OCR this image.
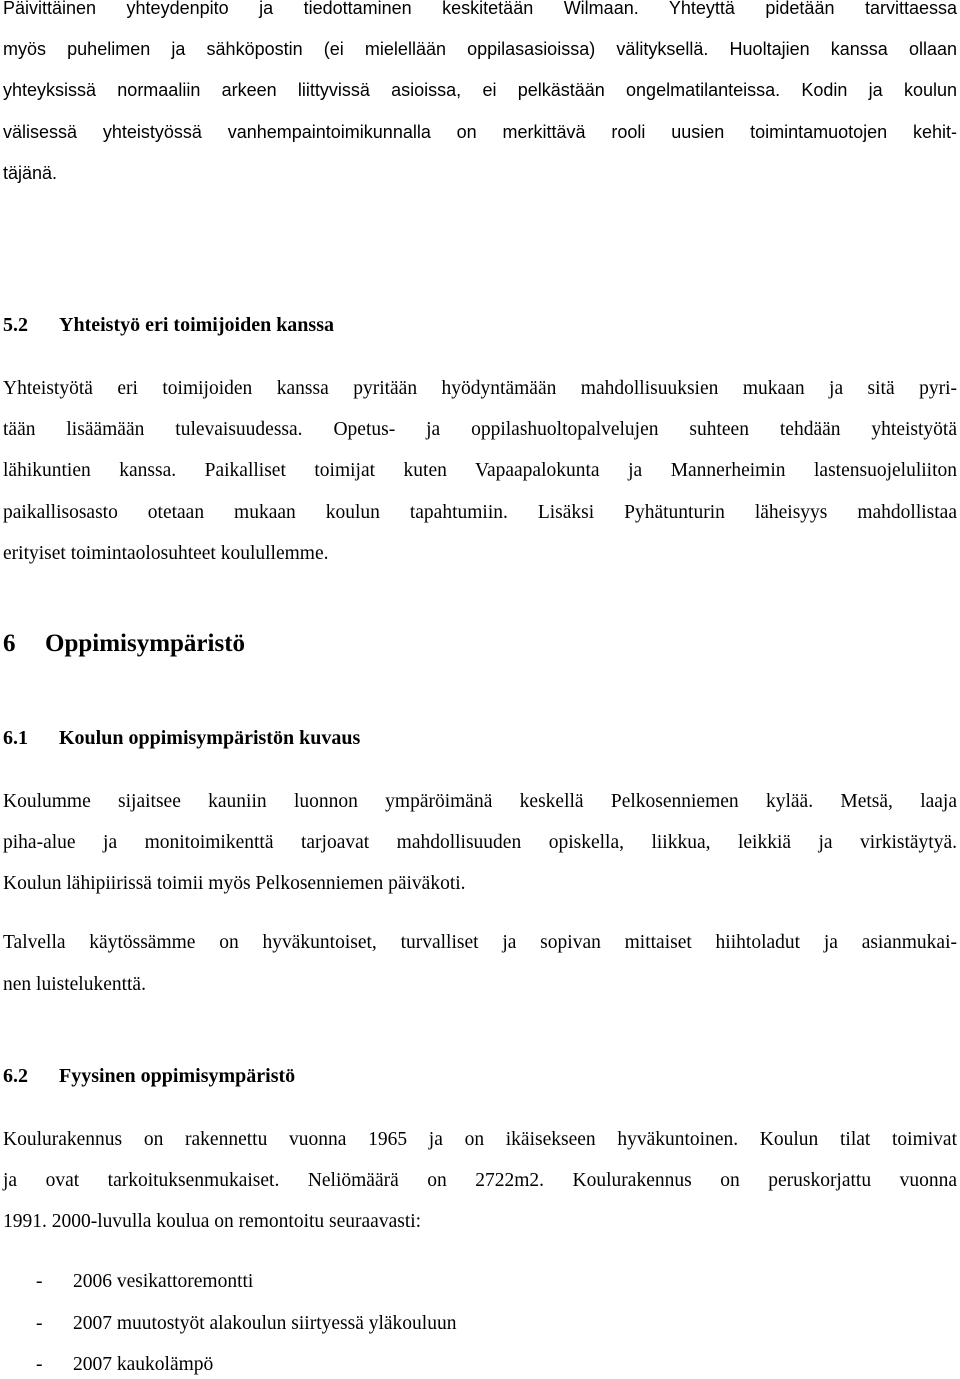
Päivittäinen yhteydenpito ja tiedottaminen keskitetään Wilmaan. Yhteyttä pidetään tarvittaessa
myös puhelimen ja sähköpostin (ei mielellään oppilasasioissa) välityksellä. Huoltajien kanssa ollaan
yhteyksissä normaaliin arkeen liittyvissä asioissa, ei pelkästään ongelmatilanteissa. Kodin ja koulun
välisessä yhteistyössä vanhempaintoimikunnalla on merkittävä rooli uusien toimintamuotojen kehit-
täjänä.
5.2 Yhteistyö eri toimijoiden kanssa
Yhteistyötä eri toimijoiden kanssa pyritään hyödyntämään mahdollisuuksien mukaan ja sitä pyri-
tään lisäämään tulevaisuudessa. Opetus- ja oppilashuoltopalvelujen suhteen tehdään yhteistyötä
lähikuntien kanssa. Paikalliset toimijat kuten Vapaapalokunta ja Mannerheimin lastensuojeluliiton
paikallisosasto otetaan mukaan koulun tapahtumiin. Lisäksi Pyhätunturin läheisyys mahdollistaa
erityiset toimintaolosuhteet koulullemme.
6 Oppimisympäristö
6.1 Koulun oppimisympäristön kuvaus
Koulumme sijaitsee kauniin luonnon ympäröimänä keskellä Pelkosenniemen kylää. Metsä, laaja
piha-alue ja monitoimikenttä tarjoavat mahdollisuuden opiskella, liikkua, leikkiä ja virkistäytyä.
Koulun lähipiirissä toimii myös Pelkosenniemen päiväkoti.
Talvella käytössämme on hyväkuntoiset, turvalliset ja sopivan mittaiset hiihtoladut ja asianmukai-
nen luistelukenttä.
6.2 Fyysinen oppimisympäristö
Koulurakennus on rakennettu vuonna 1965 ja on ikäisekseen hyväkuntoinen. Koulun tilat toimivat
ja ovat tarkoituksenmukaiset. Neliömäärä on 2722m2. Koulurakennus on peruskorjattu vuonna
1991. 2000-luvulla koulua on remontoitu seuraavasti:
- 2006 vesikattoremontti
- 2007 muutostyöt alakoulun siirtyessä yläkouluun
- 2007 kaukolämpö
